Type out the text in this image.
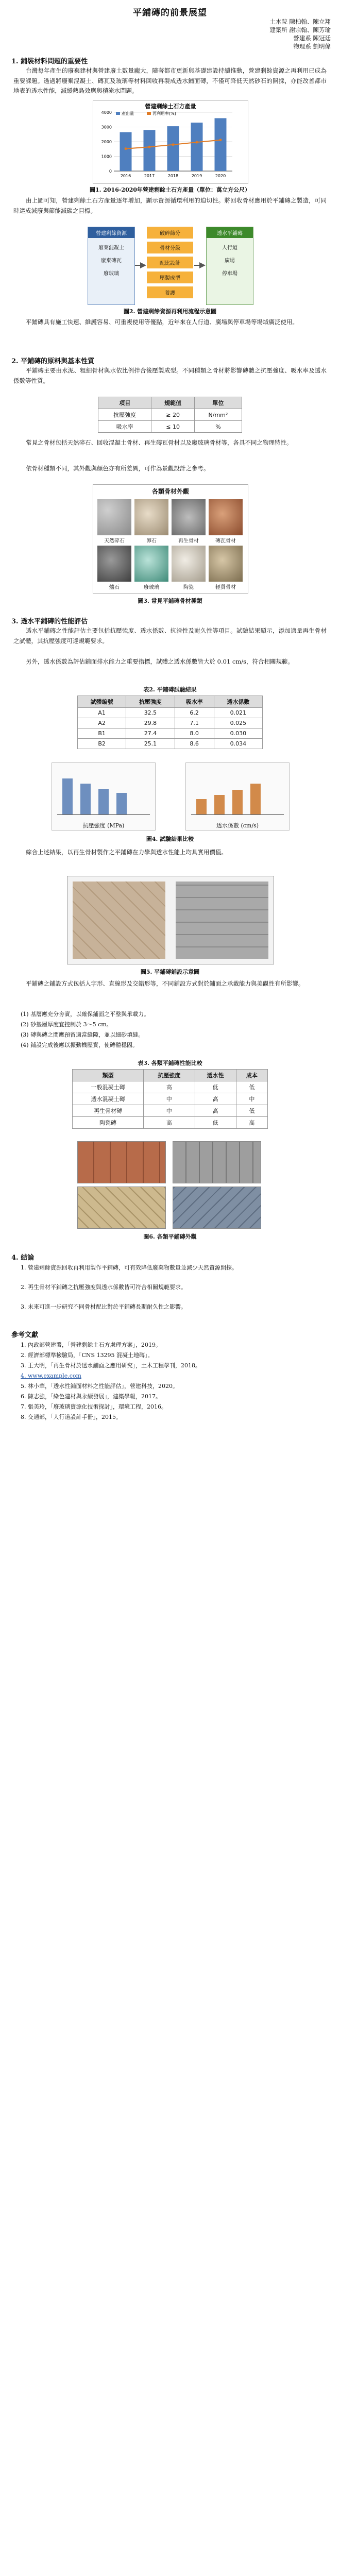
平鋪磚的前景展望
土木院 陳柏翰、陳立翔
建築所 謝宗翰、陳芳瑜
營建系 陳冠廷
物理系 劉明偉
1. 鋪裝材料問題的重要性
台灣每年產生的廢棄建材與營建廢土數量龐大，隨著都市更新與基礎建設持續推動，營建剩餘資源之再利用已成為重要課題。透過將廢棄混凝土、磚瓦及玻璃等材料回收再製成透水鋪面磚，不僅可降低天然砂石的開採，亦能改善都市地表的透水性能，減緩熱島效應與積淹水問題。
營建剩餘土石方產量
0
1000
2000
3000
4000
2016	2017	2018	2019	2020
產出量	再利用率(%)
圖1. 2016-2020年營建剩餘土石方產量（單位：萬立方公尺）
由上圖可知，營建剩餘土石方產量逐年增加，顯示資源循環利用的迫切性。將回收骨材應用於平鋪磚之製造，可同時達成減廢與節能減碳之目標。
營建剩餘資源
廢棄混凝土
廢棄磚瓦
廢玻璃
破碎篩分
骨材分級
配比設計
壓製成型
養護
透水平鋪磚
人行道
廣場
停車場
圖2. 營建剩餘資源再利用流程示意圖
平鋪磚具有施工快速、維護容易、可重複使用等優點，近年來在人行道、廣場與停車場等場域廣泛使用。
2. 平鋪磚的原料與基本性質
平鋪磚主要由水泥、粗細骨材與水依比例拌合後壓製成型。不同種類之骨材將影響磚體之抗壓強度、吸水率及透水係數等性質。
項目	規範值	單位
抗壓強度	≥ 20	N/mm²
吸水率	≤ 10	%
常見之骨材包括天然碎石、回收混凝土骨材、再生磚瓦骨材以及廢玻璃骨材等，各具不同之物理特性。
依骨材種類不同，其外觀與顏色亦有所差異，可作為景觀設計之參考。
各類骨材外觀
天然碎石	卵石	再生骨材	磚瓦骨材
爐石	廢玻璃	陶瓷	輕質骨材
圖3. 常見平鋪磚骨材種類
3. 透水平鋪磚的性能評估
透水平鋪磚之性能評估主要包括抗壓強度、透水係數、抗滑性及耐久性等項目。試驗結果顯示，添加適量再生骨材之試體，其抗壓強度可達規範要求。
另外，透水係數為評估鋪面排水能力之重要指標，試體之透水係數皆大於 0.01 cm/s，符合相關規範。
表2. 平鋪磚試驗結果
試體編號	抗壓強度	吸水率	透水係數
A1	32.5	6.2	0.021
A2	29.8	7.1	0.025
B1	27.4	8.0	0.030
B2	25.1	8.6	0.034
抗壓強度 (MPa)	透水係數 (cm/s)
圖4. 試驗結果比較
綜合上述結果，以再生骨材製作之平鋪磚在力學與透水性能上均具實用價值。
圖5. 平鋪磚鋪設示意圖
平鋪磚之鋪設方式包括人字形、直線形及交錯形等，不同鋪設方式對於鋪面之承載能力與美觀性有所影響。
(1) 基層應充分夯實，以確保鋪面之平整與承載力。
(2) 砂墊層厚度宜控制於 3～5 cm。
(3) 磚與磚之間應預留適當縫隙，並以細砂填縫。
(4) 鋪設完成後應以振動機壓實，使磚體穩固。
表3. 各類平鋪磚性能比較
類型	抗壓強度	透水性	成本
一般混凝土磚	高	低	低
透水混凝土磚	中	高	中
再生骨材磚	中	高	低
陶瓷磚	高	低	高
圖6. 各類平鋪磚外觀
4. 結論
1. 營建剩餘資源回收再利用製作平鋪磚，可有效降低廢棄物數量並減少天然資源開採。
2. 再生骨材平鋪磚之抗壓強度與透水係數皆可符合相關規範要求。
3. 未來可進一步研究不同骨材配比對於平鋪磚長期耐久性之影響。
參考文獻
1. 內政部營建署，「營建剩餘土石方處理方案」，2019。
2. 經濟部標準檢驗局，「CNS 13295 混凝土地磚」。
3. 王大明，「再生骨材於透水鋪面之應用研究」，土木工程學刊，2018。
4. www.example.com
5. 林小華，「透水性鋪面材料之性能評估」，營建科技，2020。
6. 陳志強，「綠色建材與永續發展」，建築學報，2017。
7. 張美玲，「廢玻璃資源化技術探討」，環境工程，2016。
8. 交通部，「人行道設計手冊」，2015。
